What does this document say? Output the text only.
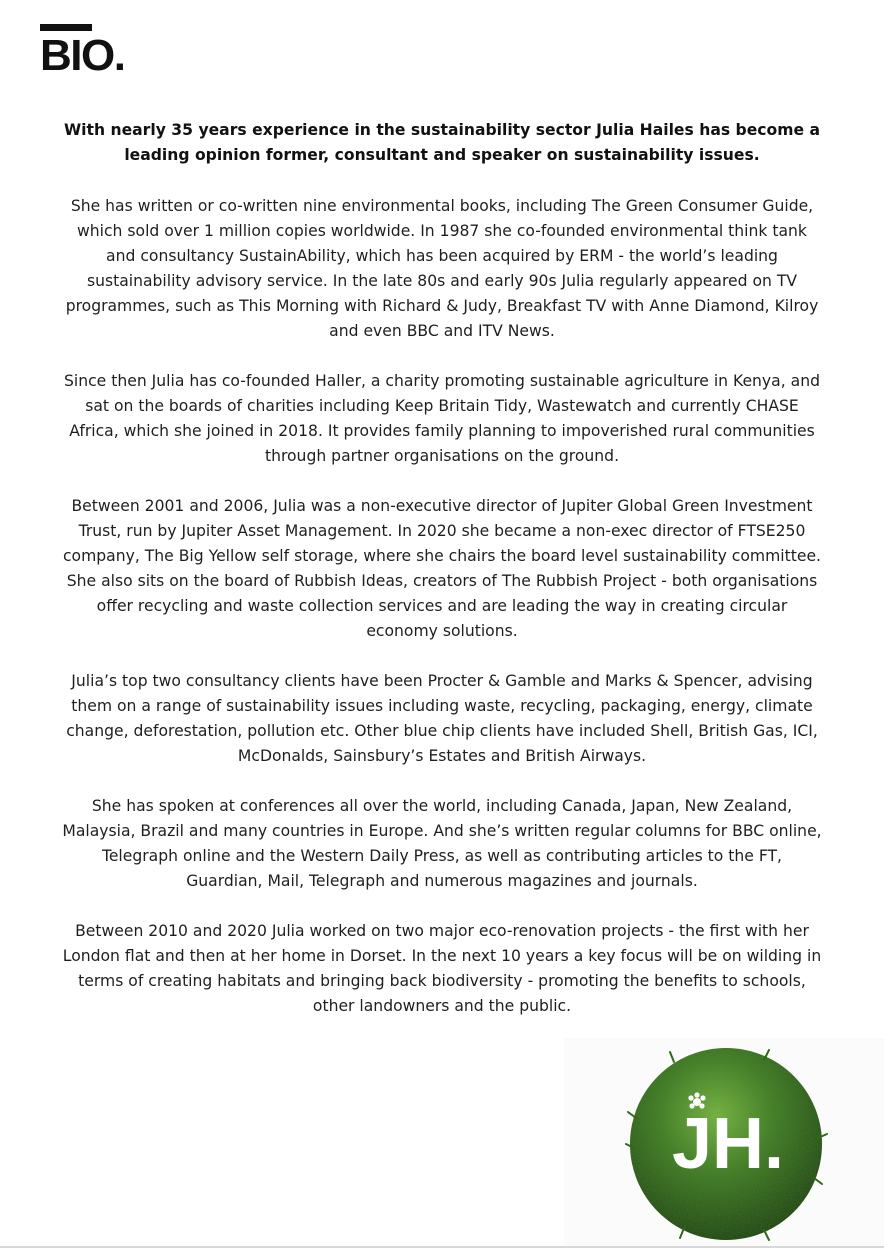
BIO.

With nearly 35 years experience in the sustainability sector Julia Hailes has become a leading opinion former, consultant and speaker on sustainability issues.

She has written or co-written nine environmental books, including The Green Consumer Guide, which sold over 1 million copies worldwide. In 1987 she co-founded environmental think tank and consultancy SustainAbility, which has been acquired by ERM - the world’s leading sustainability advisory service. In the late 80s and early 90s Julia regularly appeared on TV programmes, such as This Morning with Richard & Judy, Breakfast TV with Anne Diamond, Kilroy and even BBC and ITV News.

Since then Julia has co-founded Haller, a charity promoting sustainable agriculture in Kenya, and sat on the boards of charities including Keep Britain Tidy, Wastewatch and currently CHASE Africa, which she joined in 2018. It provides family planning to impoverished rural communities through partner organisations on the ground.

Between 2001 and 2006, Julia was a non-executive director of Jupiter Global Green Investment Trust, run by Jupiter Asset Management. In 2020 she became a non-exec director of FTSE250 company, The Big Yellow self storage, where she chairs the board level sustainability committee. She also sits on the board of Rubbish Ideas, creators of The Rubbish Project - both organisations offer recycling and waste collection services and are leading the way in creating circular economy solutions.

Julia’s top two consultancy clients have been Procter & Gamble and Marks & Spencer, advising them on a range of sustainability issues including waste, recycling, packaging, energy, climate change, deforestation, pollution etc. Other blue chip clients have included Shell, British Gas, ICI, McDonalds, Sainsbury’s Estates and British Airways.

She has spoken at conferences all over the world, including Canada, Japan, New Zealand, Malaysia, Brazil and many countries in Europe. And she’s written regular columns for BBC online, Telegraph online and the Western Daily Press, as well as contributing articles to the FT, Guardian, Mail, Telegraph and numerous magazines and journals.

Between 2010 and 2020 Julia worked on two major eco-renovation projects - the first with her London flat and then at her home in Dorset. In the next 10 years a key focus will be on wilding in terms of creating habitats and bringing back biodiversity - promoting the benefits to schools, other landowners and the public.

JH.
